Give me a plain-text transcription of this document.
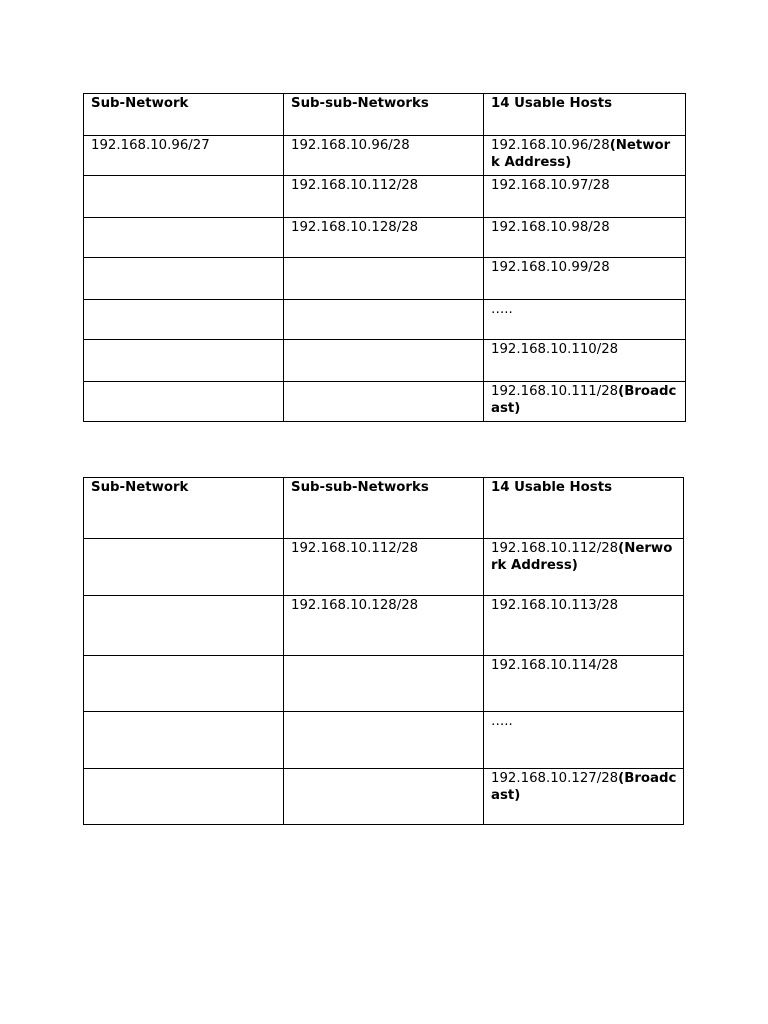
Sub-Network	Sub-sub-Networks	14 Usable Hosts
192.168.10.96/27	192.168.10.96/28	192.168.10.96/28(Network Address)
	192.168.10.112/28	192.168.10.97/28
	192.168.10.128/28	192.168.10.98/28
		192.168.10.99/28
		…..
		192.168.10.110/28
		192.168.10.111/28(Broadcast)
Sub-Network	Sub-sub-Networks	14 Usable Hosts
	192.168.10.112/28	192.168.10.112/28(Nerwork Address)
	192.168.10.128/28	192.168.10.113/28
		192.168.10.114/28
		…..
		192.168.10.127/28(Broadcast)
